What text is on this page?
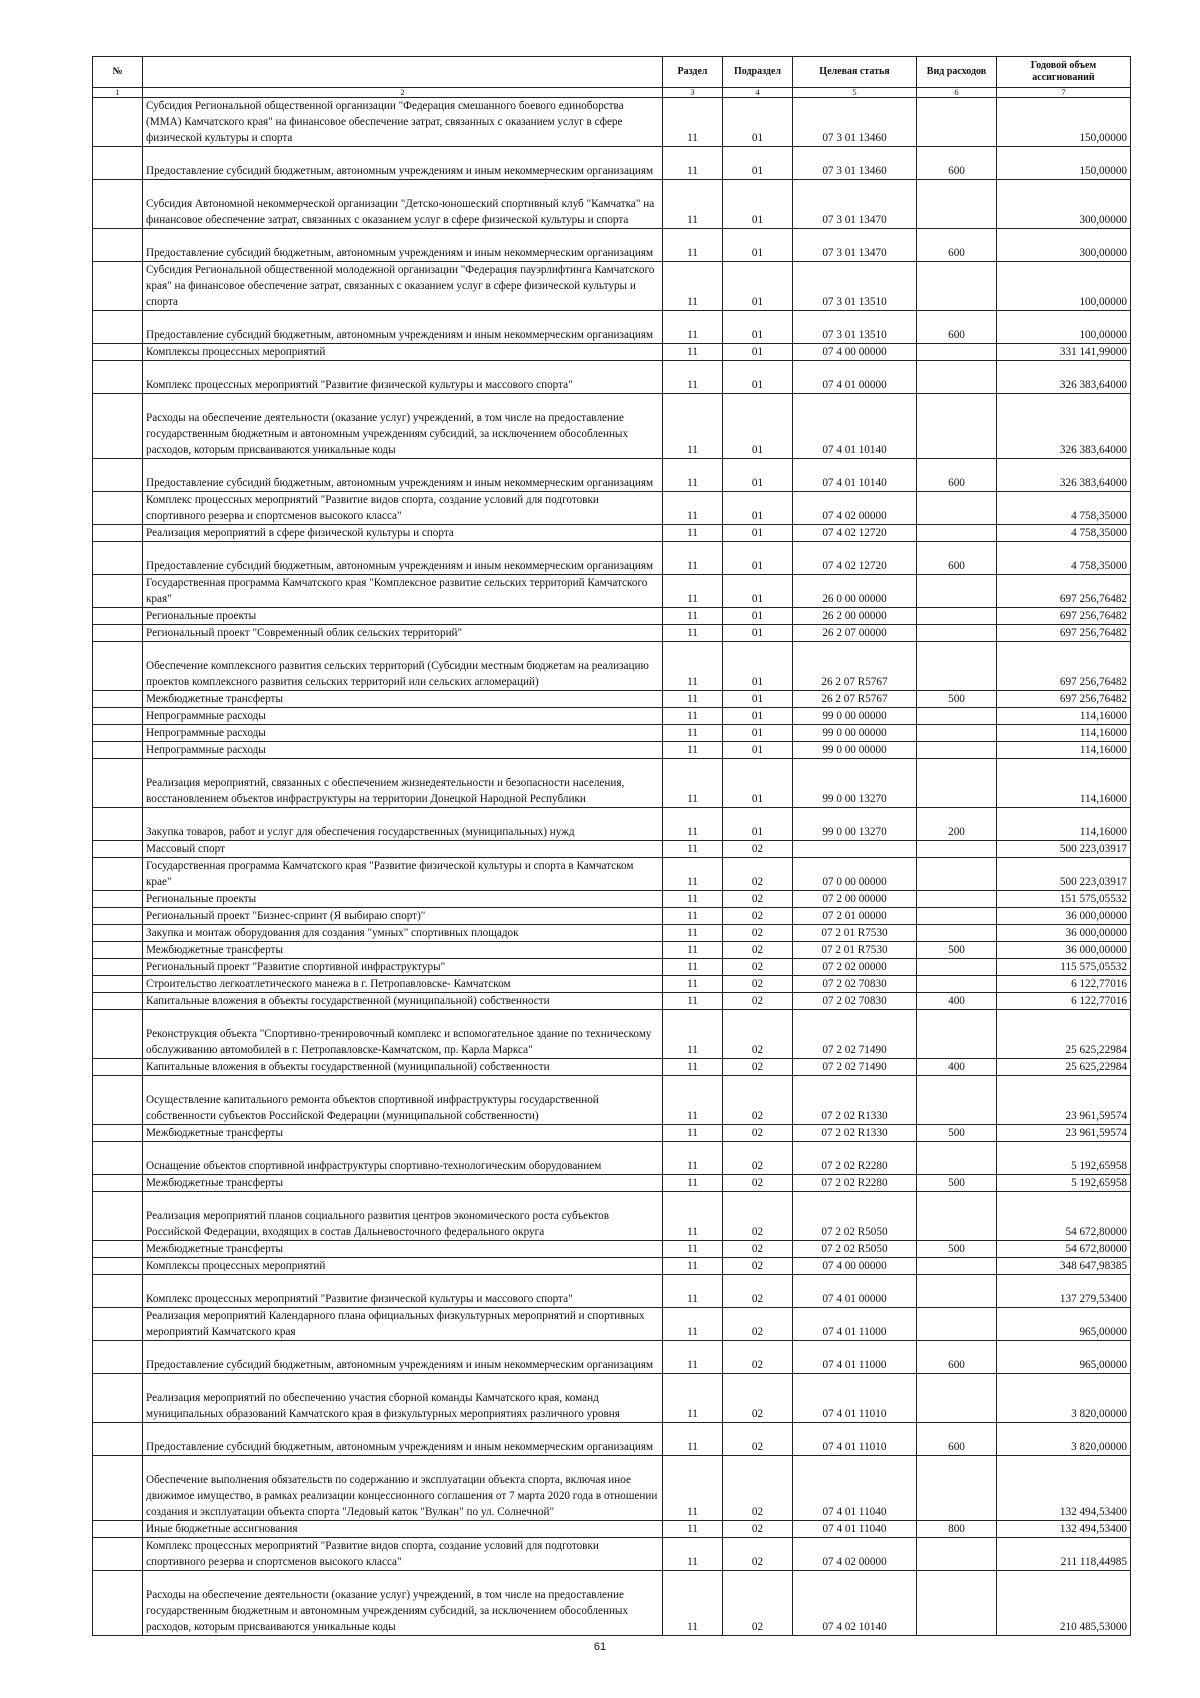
№		Раздел	Подраздел	Целевая статья	Вид расходов	Годовой объем ассигнований
1	2	3	4	5	6	7
	Субсидия Региональной общественной организации "Федерация смешанного боевого единоборства (ММА) Камчатского края" на финансовое обеспечение затрат, связанных с оказанием услуг в сфере физической культуры и спорта	11	01	07 3 01 13460		150,00000
	Предоставление субсидий бюджетным, автономным учреждениям и иным некоммерческим организациям	11	01	07 3 01 13460	600	150,00000
	Субсидия Автономной некоммерческой организации "Детско-юношеский спортивный клуб "Камчатка" на финансовое обеспечение затрат, связанных с оказанием услуг в сфере физической культуры и спорта	11	01	07 3 01 13470		300,00000
	Предоставление субсидий бюджетным, автономным учреждениям и иным некоммерческим организациям	11	01	07 3 01 13470	600	300,00000
	Субсидия Региональной общественной молодежной организации "Федерация пауэрлифтинга Камчатского края" на финансовое обеспечение затрат, связанных с оказанием услуг в сфере физической культуры и спорта	11	01	07 3 01 13510		100,00000
	Предоставление субсидий бюджетным, автономным учреждениям и иным некоммерческим организациям	11	01	07 3 01 13510	600	100,00000
	Комплексы процессных мероприятий	11	01	07 4 00 00000		331 141,99000
	Комплекс процессных мероприятий "Развитие физической культуры и массового спорта"	11	01	07 4 01 00000		326 383,64000
	Расходы на обеспечение деятельности (оказание услуг) учреждений, в том числе на предоставление государственным бюджетным и автономным учреждениям субсидий, за исключением обособленных расходов, которым присваиваются уникальные коды	11	01	07 4 01 10140		326 383,64000
	Предоставление субсидий бюджетным, автономным учреждениям и иным некоммерческим организациям	11	01	07 4 01 10140	600	326 383,64000
	Комплекс процессных мероприятий "Развитие видов спорта, создание условий для подготовки спортивного резерва и спортсменов высокого класса"	11	01	07 4 02 00000		4 758,35000
	Реализация мероприятий в сфере физической культуры и спорта	11	01	07 4 02 12720		4 758,35000
	Предоставление субсидий бюджетным, автономным учреждениям и иным некоммерческим организациям	11	01	07 4 02 12720	600	4 758,35000
	Государственная программа Камчатского края "Комплексное развитие сельских территорий Камчатского края"	11	01	26 0 00 00000		697 256,76482
	Региональные проекты	11	01	26 2 00 00000		697 256,76482
	Региональный проект "Современный облик сельских территорий"	11	01	26 2 07 00000		697 256,76482
	Обеспечение комплексного развития сельских территорий (Субсидии местным бюджетам на реализацию проектов комплексного развития сельских территорий или сельских агломераций)	11	01	26 2 07 R5767		697 256,76482
	Межбюджетные трансферты	11	01	26 2 07 R5767	500	697 256,76482
	Непрограммные расходы	11	01	99 0 00 00000		114,16000
	Непрограммные расходы	11	01	99 0 00 00000		114,16000
	Непрограммные расходы	11	01	99 0 00 00000		114,16000
	Реализация мероприятий, связанных с обеспечением жизнедеятельности и безопасности населения, восстановлением объектов инфраструктуры на территории Донецкой Народной Республики	11	01	99 0 00 13270		114,16000
	Закупка товаров, работ и услуг для обеспечения государственных (муниципальных) нужд	11	01	99 0 00 13270	200	114,16000
	Массовый спорт	11	02			500 223,03917
	Государственная программа Камчатского края "Развитие физической культуры и спорта в Камчатском крае"	11	02	07 0 00 00000		500 223,03917
	Региональные проекты	11	02	07 2 00 00000		151 575,05532
	Региональный проект "Бизнес-спринт (Я выбираю спорт)"	11	02	07 2 01 00000		36 000,00000
	Закупка и монтаж оборудования для создания "умных" спортивных площадок	11	02	07 2 01 R7530		36 000,00000
	Межбюджетные трансферты	11	02	07 2 01 R7530	500	36 000,00000
	Региональный проект "Развитие спортивной инфраструктуры"	11	02	07 2 02 00000		115 575,05532
	Строительство легкоатлетического манежа в г. Петропавловске- Камчатском	11	02	07 2 02 70830		6 122,77016
	Капитальные вложения в объекты государственной (муниципальной) собственности	11	02	07 2 02 70830	400	6 122,77016
	Реконструкция объекта "Спортивно-тренировочный комплекс и вспомогательное здание по техническому обслуживанию автомобилей в г. Петропавловске-Камчатском, пр. Карла Маркса"	11	02	07 2 02 71490		25 625,22984
	Капитальные вложения в объекты государственной (муниципальной) собственности	11	02	07 2 02 71490	400	25 625,22984
	Осуществление капитального ремонта объектов спортивной инфраструктуры государственной собственности субъектов Российской Федерации (муниципальной собственности)	11	02	07 2 02 R1330		23 961,59574
	Межбюджетные трансферты	11	02	07 2 02 R1330	500	23 961,59574
	Оснащение объектов спортивной инфраструктуры спортивно-технологическим оборудованием	11	02	07 2 02 R2280		5 192,65958
	Межбюджетные трансферты	11	02	07 2 02 R2280	500	5 192,65958
	Реализация мероприятий планов социального развития центров экономического роста субъектов Российской Федерации, входящих в состав Дальневосточного федерального округа	11	02	07 2 02 R5050		54 672,80000
	Межбюджетные трансферты	11	02	07 2 02 R5050	500	54 672,80000
	Комплексы процессных мероприятий	11	02	07 4 00 00000		348 647,98385
	Комплекс процессных мероприятий "Развитие физической культуры и массового спорта"	11	02	07 4 01 00000		137 279,53400
	Реализация мероприятий Календарного плана официальных физкультурных мероприятий и спортивных мероприятий Камчатского края	11	02	07 4 01 11000		965,00000
	Предоставление субсидий бюджетным, автономным учреждениям и иным некоммерческим организациям	11	02	07 4 01 11000	600	965,00000
	Реализация мероприятий по обеспечению участия сборной команды Камчатского края, команд муниципальных образований Камчатского края в физкультурных мероприятиях различного уровня	11	02	07 4 01 11010		3 820,00000
	Предоставление субсидий бюджетным, автономным учреждениям и иным некоммерческим организациям	11	02	07 4 01 11010	600	3 820,00000
	Обеспечение выполнения обязательств по содержанию и эксплуатации объекта спорта, включая иное движимое имущество, в рамках реализации концессионного соглашения от 7 марта 2020 года в отношении создания и эксплуатации объекта спорта "Ледовый каток "Вулкан" по ул. Солнечной"	11	02	07 4 01 11040		132 494,53400
	Иные бюджетные ассигнования	11	02	07 4 01 11040	800	132 494,53400
	Комплекс процессных мероприятий "Развитие видов спорта, создание условий для подготовки спортивного резерва и спортсменов высокого класса"	11	02	07 4 02 00000		211 118,44985
	Расходы на обеспечение деятельности (оказание услуг) учреждений, в том числе на предоставление государственным бюджетным и автономным учреждениям субсидий, за исключением обособленных расходов, которым присваиваются уникальные коды	11	02	07 4 02 10140		210 485,53000
61
